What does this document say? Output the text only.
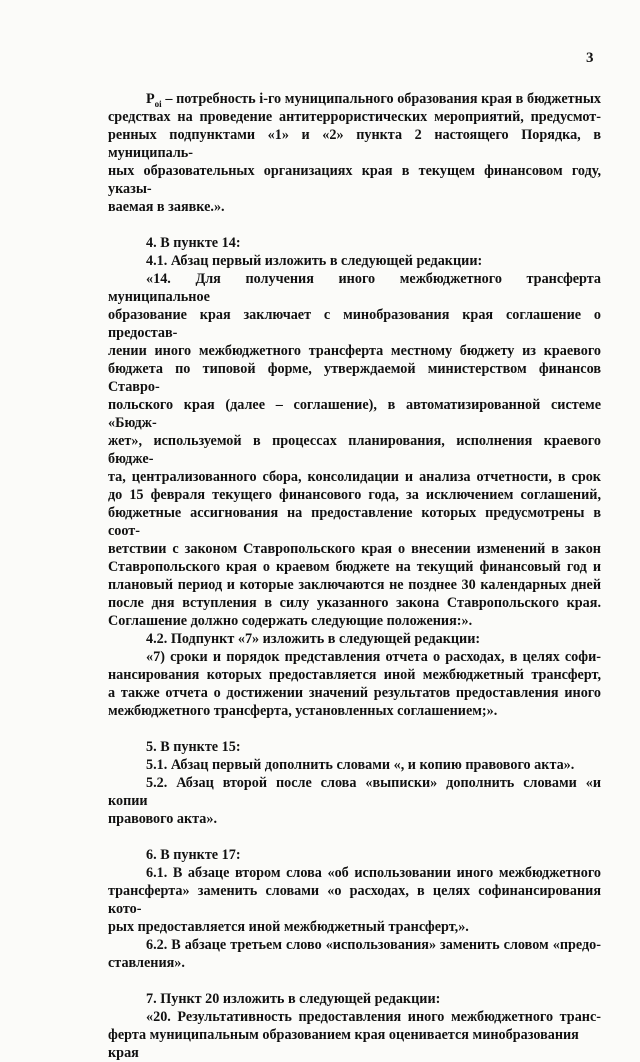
3

$P_{oi}$ – потребность i-го муниципального образования края в бюджетных

средствах на проведение антитеррористических мероприятий, предусмот-

ренных подпунктами «1» и «2» пункта 2 настоящего Порядка, в муниципаль-

ных образовательных организациях края в текущем финансовом году, указы-

ваемая в заявке.».

4. В пункте 14:

4.1. Абзац первый изложить в следующей редакции:

«14. Для получения иного межбюджетного трансферта муниципальное

образование края заключает с минобразования края соглашение о предостав-

лении иного межбюджетного трансферта местному бюджету из краевого

бюджета по типовой форме, утверждаемой министерством финансов Ставро-

польского края (далее – соглашение), в автоматизированной системе «Бюдж-

жет», используемой в процессах планирования, исполнения краевого бюдже-

та, централизованного сбора, консолидации и анализа отчетности, в срок

до 15 февраля текущего финансового года, за исключением соглашений,

бюджетные ассигнования на предоставление которых предусмотрены в соот-

ветствии с законом Ставропольского края о внесении изменений в закон

Ставропольского края о краевом бюджете на текущий финансовый год и

плановый период и которые заключаются не позднее 30 календарных дней

после дня вступления в силу указанного закона Ставропольского края.

Соглашение должно содержать следующие положения:».

4.2. Подпункт «7» изложить в следующей редакции:

«7) сроки и порядок представления отчета о расходах, в целях софи-

нансирования которых предоставляется иной межбюджетный трансферт,

а также отчета о достижении значений результатов предоставления иного

межбюджетного трансферта, установленных соглашением;».

5. В пункте 15:

5.1. Абзац первый дополнить словами «, и копию правового акта».

5.2. Абзац второй после слова «выписки» дополнить словами «и копии

правового акта».

6. В пункте 17:

6.1. В абзаце втором слова «об использовании иного межбюджетного

трансферта» заменить словами «о расходах, в целях софинансирования кото-

рых предоставляется иной межбюджетный трансферт,».

6.2. В абзаце третьем слово «использования» заменить словом «предо-

ставления».

7. Пункт 20 изложить в следующей редакции:

«20. Результативность предоставления иного межбюджетного транс-

ферта муниципальным образованием края оценивается минобразования края
